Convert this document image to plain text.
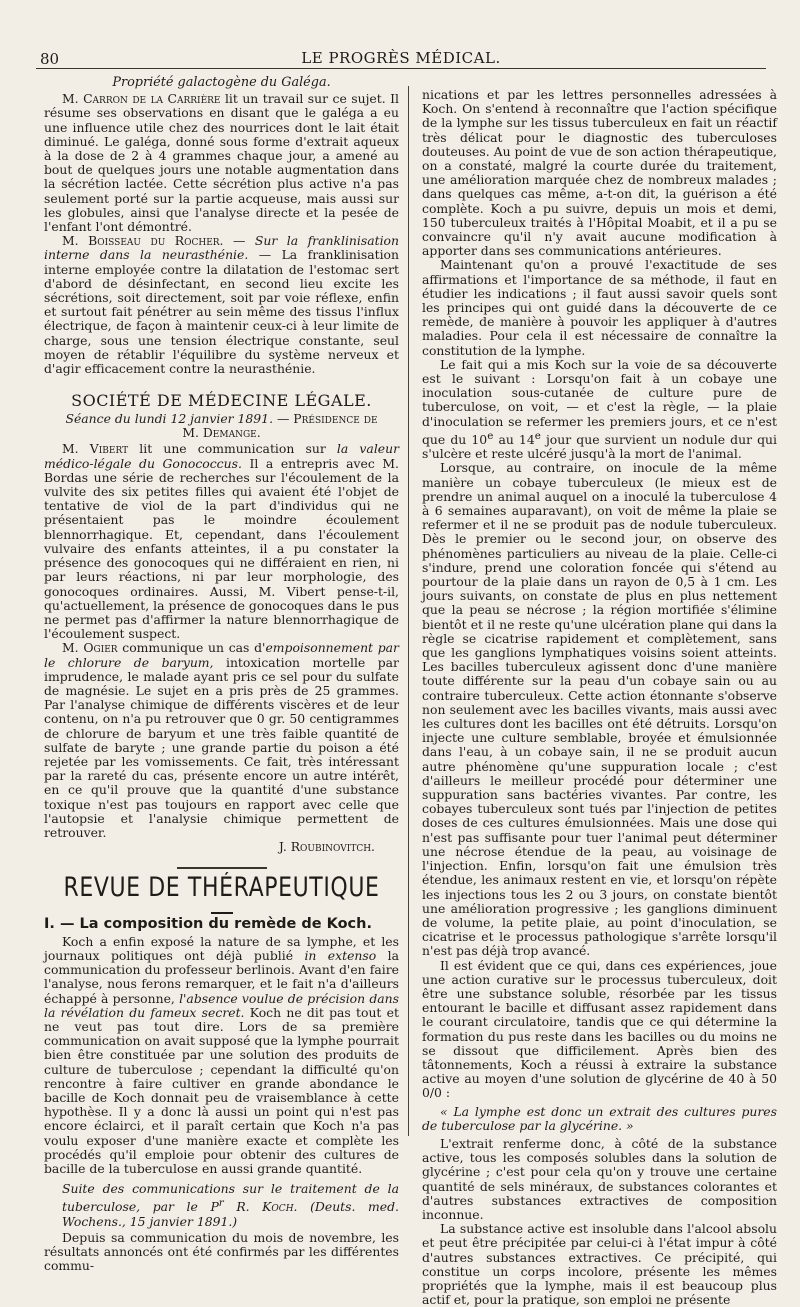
80	LE PROGRÈS MÉDICAL.
Propriété galactogène du Galéga.

M. Carron de la Carrière lit un travail sur ce sujet. Il résume ses observations en disant que le galéga a eu une influence utile chez des nourrices dont le lait était diminué. Le galéga, donné sous forme d'extrait aqueux à la dose de 2 à 4 grammes chaque jour, a amené au bout de quelques jours une notable augmentation dans la sécrétion lactée. Cette sécrétion plus active n'a pas seulement porté sur la partie acqueuse, mais aussi sur les globules, ainsi que l'analyse directe et la pesée de l'enfant l'ont démontré.

M. Boisseau du Rocher. — Sur la franklinisation interne dans la neurasthénie. — La franklinisation interne employée contre la dilatation de l'estomac sert d'abord de désinfectant, en second lieu excite les sécrétions, soit directement, soit par voie réflexe, enfin et surtout fait pénétrer au sein même des tissus l'influx électrique, de façon à maintenir ceux-ci à leur limite de charge, sous une tension électrique constante, seul moyen de rétablir l'équilibre du système nerveux et d'agir efficacement contre la neurasthénie.

SOCIÉTÉ DE MÉDECINE LÉGALE.
Séance du lundi 12 janvier 1891. — Présidence de
M. Demange.

M. Vibert lit une communication sur la valeur médico-légale du Gonococcus. Il a entrepris avec M. Bordas une série de recherches sur l'écoulement de la vulvite des six petites filles qui avaient été l'objet de tentative de viol de la part d'individus qui ne présentaient pas le moindre écoulement blennorrhagique. Et, cependant, dans l'écoulement vulvaire des enfants atteintes, il a pu constater la présence des gonocoques qui ne différaient en rien, ni par leurs réactions, ni par leur morphologie, des gonocoques ordinaires. Aussi, M. Vibert pense-t-il, qu'actuellement, la présence de gonocoques dans le pus ne permet pas d'affirmer la nature blennorrhagique de l'écoulement suspect.

M. Ogier communique un cas d'empoisonnement par le chlorure de baryum, intoxication mortelle par imprudence, le malade ayant pris ce sel pour du sulfate de magnésie. Le sujet en a pris près de 25 grammes. Par l'analyse chimique de différents viscères et de leur contenu, on n'a pu retrouver que 0 gr. 50 centigrammes de chlorure de baryum et une très faible quantité de sulfate de baryte ; une grande partie du poison a été rejetée par les vomissements. Ce fait, très intéressant par la rareté du cas, présente encore un autre intérêt, en ce qu'il prouve que la quantité d'une substance toxique n'est pas toujours en rapport avec celle que l'autopsie et l'analysie chimique permettent de retrouver.

J. Roubinovitch.
REVUE DE THÉRAPEUTIQUE
I. — La composition du remède de Koch.

Koch a enfin exposé la nature de sa lymphe, et les journaux politiques ont déjà publié in extenso la communication du professeur berlinois. Avant d'en faire l'analyse, nous ferons remarquer, et le fait n'a d'ailleurs échappé à personne, l'absence voulue de précision dans la révélation du fameux secret. Koch ne dit pas tout et ne veut pas tout dire. Lors de sa première communication on avait supposé que la lymphe pourrait bien être constituée par une solution des produits de culture de tuberculose ; cependant la difficulté qu'on rencontre à faire cultiver en grande abondance le bacille de Koch donnait peu de vraisemblance à cette hypothèse. Il y a donc là aussi un point qui n'est pas encore éclairci, et il paraît certain que Koch n'a pas voulu exposer d'une manière exacte et complète les procédés qu'il emploie pour obtenir des cultures de bacille de la tuberculose en aussi grande quantité.

Suite des communications sur le traitement de la tuberculose, par le $P^r$ R. Koch. (Deuts. med. Wochens., 15 janvier 1891.)

Depuis sa communication du mois de novembre, les résultats annoncés ont été confirmés par les différentes commu-

nications et par les lettres personnelles adressées à Koch. On s'entend à reconnaître que l'action spécifique de la lymphe sur les tissus tuberculeux en fait un réactif très délicat pour le diagnostic des tuberculoses douteuses. Au point de vue de son action thérapeutique, on a constaté, malgré la courte durée du traitement, une amélioration marquée chez de nombreux malades ; dans quelques cas même, a-t-on dit, la guérison a été complète. Koch a pu suivre, depuis un mois et demi, 150 tuberculeux traités à l'Hôpital Moabit, et il a pu se convaincre qu'il n'y avait aucune modification à apporter dans ses communications antérieures.

Maintenant qu'on a prouvé l'exactitude de ses affirmations et l'importance de sa méthode, il faut en étudier les indications ; il faut aussi savoir quels sont les principes qui ont guidé dans la découverte de ce remède, de manière à pouvoir les appliquer à d'autres maladies. Pour cela il est nécessaire de connaître la constitution de la lymphe.

Le fait qui a mis Koch sur la voie de sa découverte est le suivant : Lorsqu'on fait à un cobaye une inoculation sous-cutanée de culture pure de tuberculose, on voit, — et c'est la règle, — la plaie d'inoculation se refermer les premiers jours, et ce n'est que du 10e au 14e jour que survient un nodule dur qui s'ulcère et reste ulcéré jusqu'à la mort de l'animal.

Lorsque, au contraire, on inocule de la même manière un cobaye tuberculeux (le mieux est de prendre un animal auquel on a inoculé la tuberculose 4 à 6 semaines auparavant), on voit de même la plaie se refermer et il ne se produit pas de nodule tuberculeux. Dès le premier ou le second jour, on observe des phénomènes particuliers au niveau de la plaie. Celle-ci s'indure, prend une coloration foncée qui s'étend au pourtour de la plaie dans un rayon de 0,5 à 1 cm. Les jours suivants, on constate de plus en plus nettement que la peau se nécrose ; la région mortifiée s'élimine bientôt et il ne reste qu'une ulcération plane qui dans la règle se cicatrise rapidement et complètement, sans que les ganglions lymphatiques voisins soient atteints. Les bacilles tuberculeux agissent donc d'une manière toute différente sur la peau d'un cobaye sain ou au contraire tuberculeux. Cette action étonnante s'observe non seulement avec les bacilles vivants, mais aussi avec les cultures dont les bacilles ont été détruits. Lorsqu'on injecte une culture semblable, broyée et émulsionnée dans l'eau, à un cobaye sain, il ne se produit aucun autre phénomène qu'une suppuration locale ; c'est d'ailleurs le meilleur procédé pour déterminer une suppuration sans bactéries vivantes. Par contre, les cobayes tuberculeux sont tués par l'injection de petites doses de ces cultures émulsionnées. Mais une dose qui n'est pas suffisante pour tuer l'animal peut déterminer une nécrose étendue de la peau, au voisinage de l'injection. Enfin, lorsqu'on fait une émulsion très étendue, les animaux restent en vie, et lorsqu'on répète les injections tous les 2 ou 3 jours, on constate bientôt une amélioration progressive ; les ganglions diminuent de volume, la petite plaie, au point d'inoculation, se cicatrise et le processus pathologique s'arrête lorsqu'il n'est pas déjà trop avancé.

Il est évident que ce qui, dans ces expériences, joue une action curative sur le processus tuberculeux, doit être une substance soluble, résorbée par les tissus entourant le bacille et diffusant assez rapidement dans le courant circulatoire, tandis que ce qui détermine la formation du pus reste dans les bacilles ou du moins ne se dissout que difficilement. Après bien des tâtonnements, Koch a réussi à extraire la substance active au moyen d'une solution de glycérine de 40 à 50 0/0 :

« La lymphe est donc un extrait des cultures pures de tuberculose par la glycérine. »

L'extrait renferme donc, à côté de la substance active, tous les composés solubles dans la solution de glycérine ; c'est pour cela qu'on y trouve une certaine quantité de sels minéraux, de substances colorantes et d'autres substances extractives de composition inconnue.

La substance active est insoluble dans l'alcool absolu et peut être précipitée par celui-ci à l'état impur à côté d'autres substances extractives. Ce précipité, qui constitue un corps incolore, présente les mêmes propriétés que la lymphe, mais il est beaucoup plus actif et, pour la pratique, son emploi ne présente
